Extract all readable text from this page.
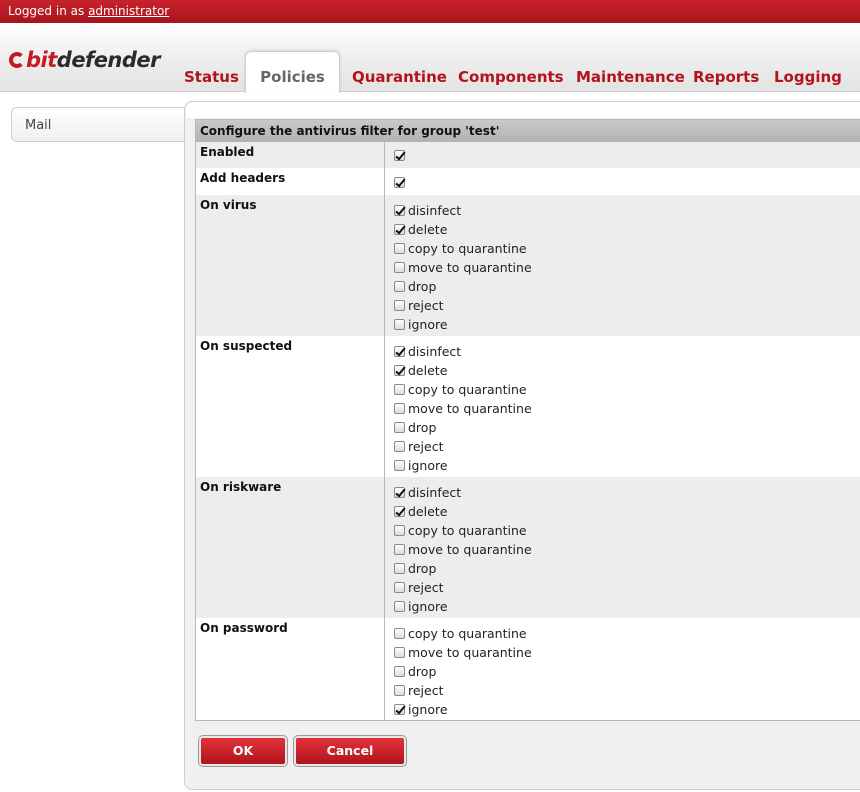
Logged in as administrator
bitdefender
Status	Policies	Quarantine Components Maintenance Reports Logging
Mail	Configure the antivirus filter for group 'test'
Enabled
Add headers
On virus	disinfect
delete
copy to quarantine
move to quarantine
drop
reject
ignore
On suspected	disinfect
delete
copy to quarantine
move to quarantine
drop
reject
ignore
On riskware	disinfect
delete
copy to quarantine
move to quarantine
drop
reject
ignore
On password	copy to quarantine
move to quarantine
drop
reject
ignore
OK	Cancel
